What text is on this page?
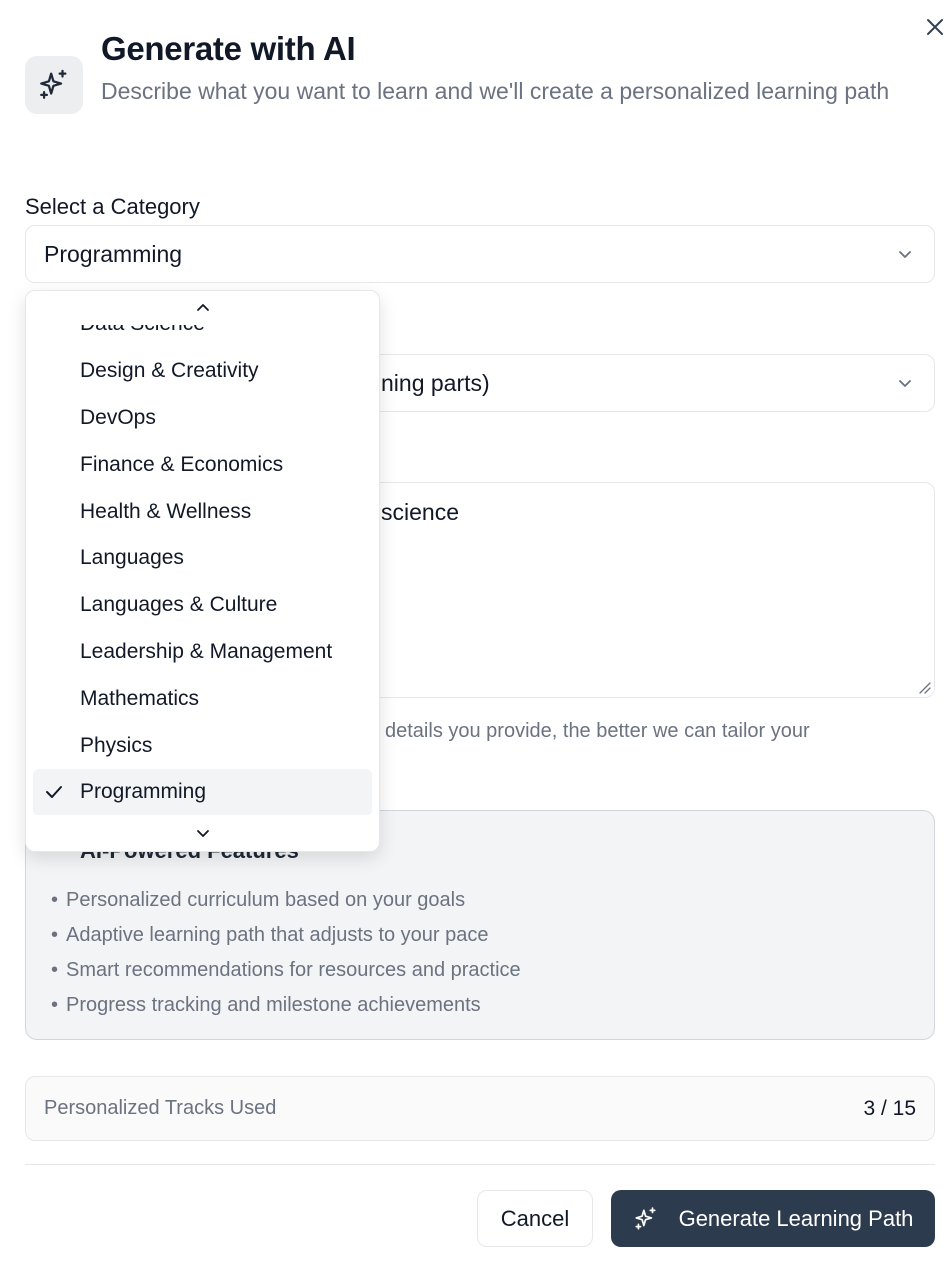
Generate with AI
Describe what you want to learn and we'll create a personalized learning path
Select a Category
Programming
ning parts)
science
details you provide, the better we can tailor your
• Personalized curriculum based on your goals
• Adaptive learning path that adjusts to your pace
• Smart recommendations for resources and practice
• Progress tracking and milestone achievements
Personalized Tracks Used	3 / 15
Cancel	Generate Learning Path
Design & Creativity
DevOps
Finance & Economics
Health & Wellness
Languages
Languages & Culture
Leadership & Management
Mathematics
Physics
Programming
